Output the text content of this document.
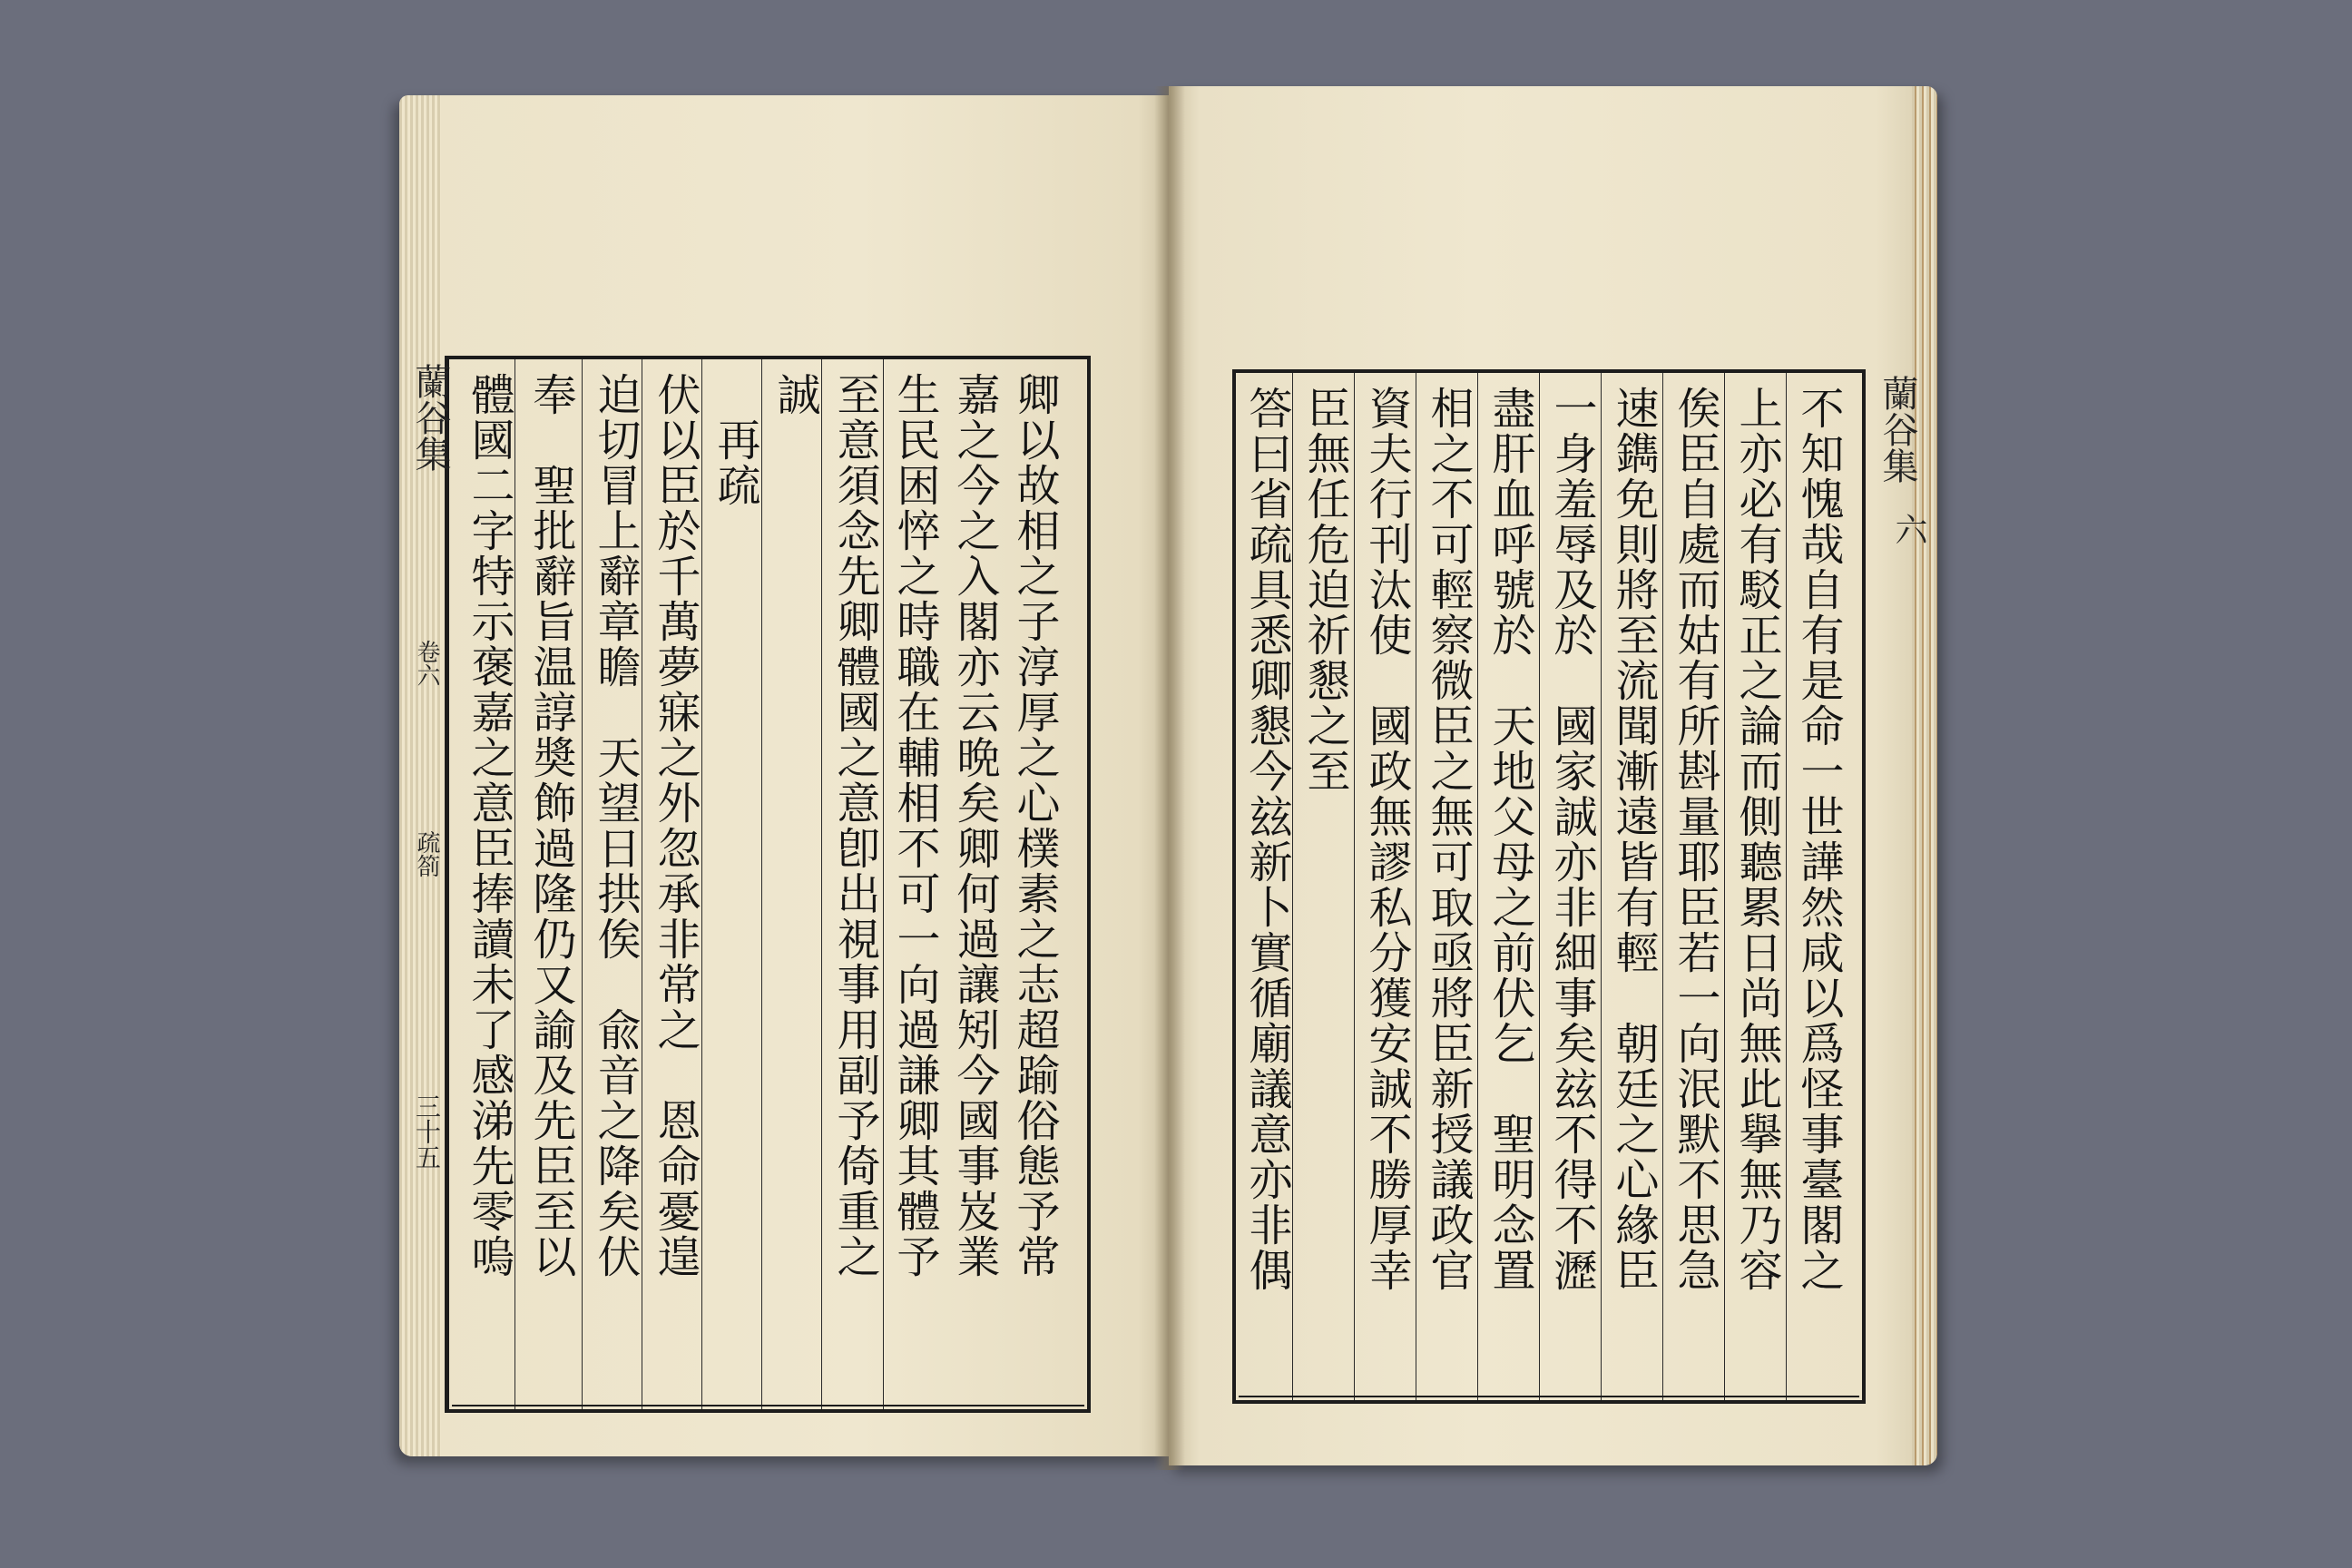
卿以故相之子淳厚之心樸素之志超踰俗態予常
嘉之今之入閣亦云晩矣卿何過讓矧今國事岌業
生民困悴之時職在輔相不可一向過謙卿其體予
至意須念先卿體國之意卽出視事用副予倚重之
誠
　再疏
伏以臣於千萬夢寐之外忽承非常之　恩命憂遑
迫切冒上辭章瞻　天望日拱俟　兪音之降矣伏
奉　聖批辭旨温諄奬飾過隆仍又諭及先臣至以
體國二字特示褒嘉之意臣捧讀未了感涕先零嗚
蘭谷集
卷六
疏箚
三十五	不知愧哉自有是命一世譁然咸以爲怪事臺閣之
上亦必有駁正之論而側聽累日尚無此擧無乃容
俟臣自處而姑有所斟量耶臣若一向泯默不思急
速鐫免則將至流聞漸遠皆有輕　朝廷之心緣臣
一身羞辱及於　國家誠亦非細事矣玆不得不瀝
盡肝血呼號於　天地父母之前伏乞　聖明念置
相之不可輕察微臣之無可取亟將臣新授議政官
資夫行刊汰使　國政無謬私分獲安誠不勝厚幸
臣無任危迫祈懇之至
答曰省疏具悉卿懇今玆新卜實循廟議意亦非偶	蘭谷集
六
